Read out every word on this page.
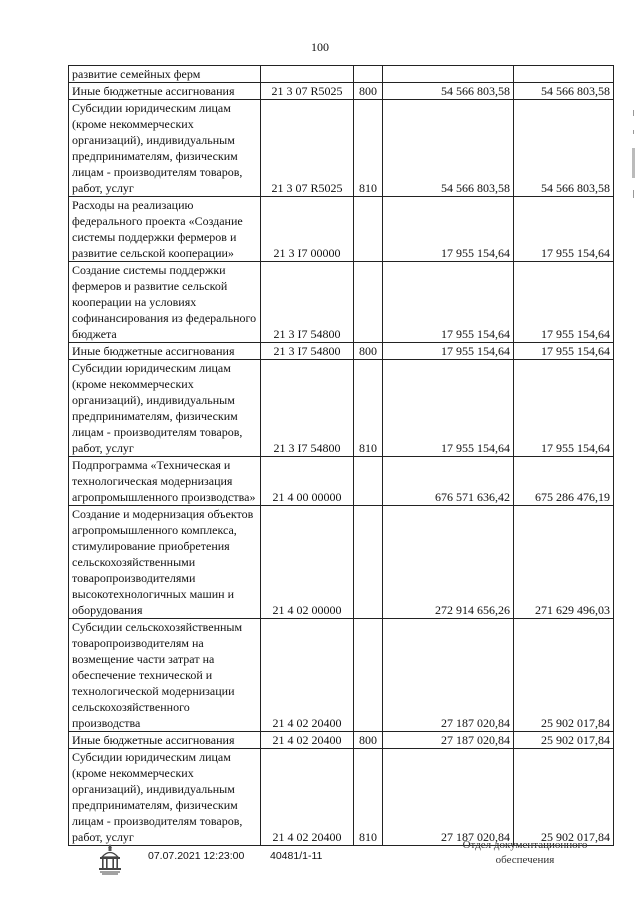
100
развитие семейных ферм				
Иные бюджетные ассигнования	21 3 07 R5025	800	54 566 803,58	54 566 803,58
Субсидии юридическим лицам (кроме некоммерческих организаций), индивидуальным предпринимателям, физическим лицам - производителям товаров, работ, услуг	21 3 07 R5025	810	54 566 803,58	54 566 803,58
Расходы на реализацию федерального проекта «Создание системы поддержки фермеров и развитие сельской кооперации»	21 3 I7 00000		17 955 154,64	17 955 154,64
Создание системы поддержки фермеров и развитие сельской кооперации на условиях софинансирования из федерального бюджета	21 3 I7 54800		17 955 154,64	17 955 154,64
Иные бюджетные ассигнования	21 3 I7 54800	800	17 955 154,64	17 955 154,64
Субсидии юридическим лицам (кроме некоммерческих организаций), индивидуальным предпринимателям, физическим лицам - производителям товаров, работ, услуг	21 3 I7 54800	810	17 955 154,64	17 955 154,64
Подпрограмма «Техническая и технологическая модернизация агропромышленного производства»	21 4 00 00000		676 571 636,42	675 286 476,19
Создание и модернизация объектов агропромышленного комплекса, стимулирование приобретения сельскохозяйственными товаропроизводителями высокотехнологичных машин и оборудования	21 4 02 00000		272 914 656,26	271 629 496,03
Субсидии сельскохозяйственным товаропроизводителям на возмещение части затрат на обеспечение технической и технологической модернизации сельскохозяйственного производства	21 4 02 20400		27 187 020,84	25 902 017,84
Иные бюджетные ассигнования	21 4 02 20400	800	27 187 020,84	25 902 017,84
Субсидии юридическим лицам (кроме некоммерческих организаций), индивидуальным предпринимателям, физическим лицам - производителям товаров, работ, услуг	21 4 02 20400	810	27 187 020,84	25 902 017,84
07.07.2021 12:23:00 40481/1-11
Отдел документационного
обеспечения
